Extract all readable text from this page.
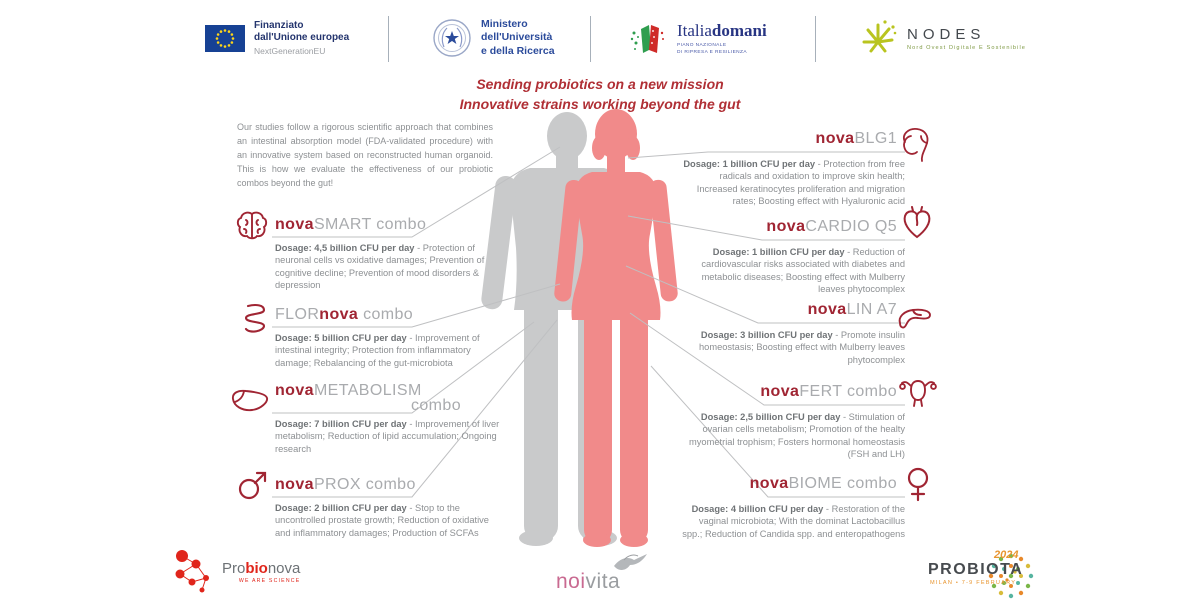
Finanziato
dall'Unione europea
NextGenerationEU
Ministero
dell'Università
e della Ricerca
Italiadomani
PIANO NAZIONALE
DI RIPRESA E RESILIENZA
NODES
Nord Ovest Digitale E Sostenibile
Sending probiotics on a new mission
Innovative strains working beyond the gut
Our studies follow a rigorous scientific approach that combines an intestinal absorption model (FDA-validated procedure) with an innovative system based on reconstructed human organoid. This is how we evaluate the effectiveness of our probiotic combos beyond the gut!
novaSMART combo
Dosage: 4,5 billion CFU per day - Protection of neuronal cells vs oxidative damages; Prevention of cognitive decline; Prevention of mood disorders & depression
FLORnova combo
Dosage: 5 billion CFU per day - Improvement of intestinal integrity; Protection from inflammatory damage; Rebalancing of the gut-microbiota
novaMETABOLISM
combo
Dosage: 7 billion CFU per day - Improvement of liver metabolism; Reduction of lipid accumulation; Ongoing research
novaPROX combo
Dosage: 2 billion CFU per day - Stop to the uncontrolled prostate growth; Reduction of oxidative and inflammatory damages; Production of SCFAs
novaBLG1
Dosage: 1 billion CFU per day - Protection from free radicals and oxidation to improve skin health; Increased keratinocytes proliferation and migration rates; Boosting effect with Hyaluronic acid
novaCARDIO Q5
Dosage: 1 billion CFU per day - Reduction of cardiovascular risks associated with diabetes and metabolic diseases; Boosting effect with Mulberry leaves phytocomplex
novaLIN A7
Dosage: 3 billion CFU per day - Promote insulin homeostasis; Boosting effect with Mulberry leaves phytocomplex
novaFERT combo
Dosage: 2,5 billion CFU per day - Stimulation of ovarian cells metabolism; Promotion of the healty myometrial trophism; Fosters hormonal homeostasis (FSH and LH)
novaBIOME combo
Dosage: 4 billion CFU per day - Restoration of the vaginal microbiota; With the dominat Lactobacillus spp.; Reduction of Candida spp. and enteropathogens
Probionova
WE ARE SCIENCE	noivita
2024
PROBIOTA
MILAN • 7-9 FEBRUARY
